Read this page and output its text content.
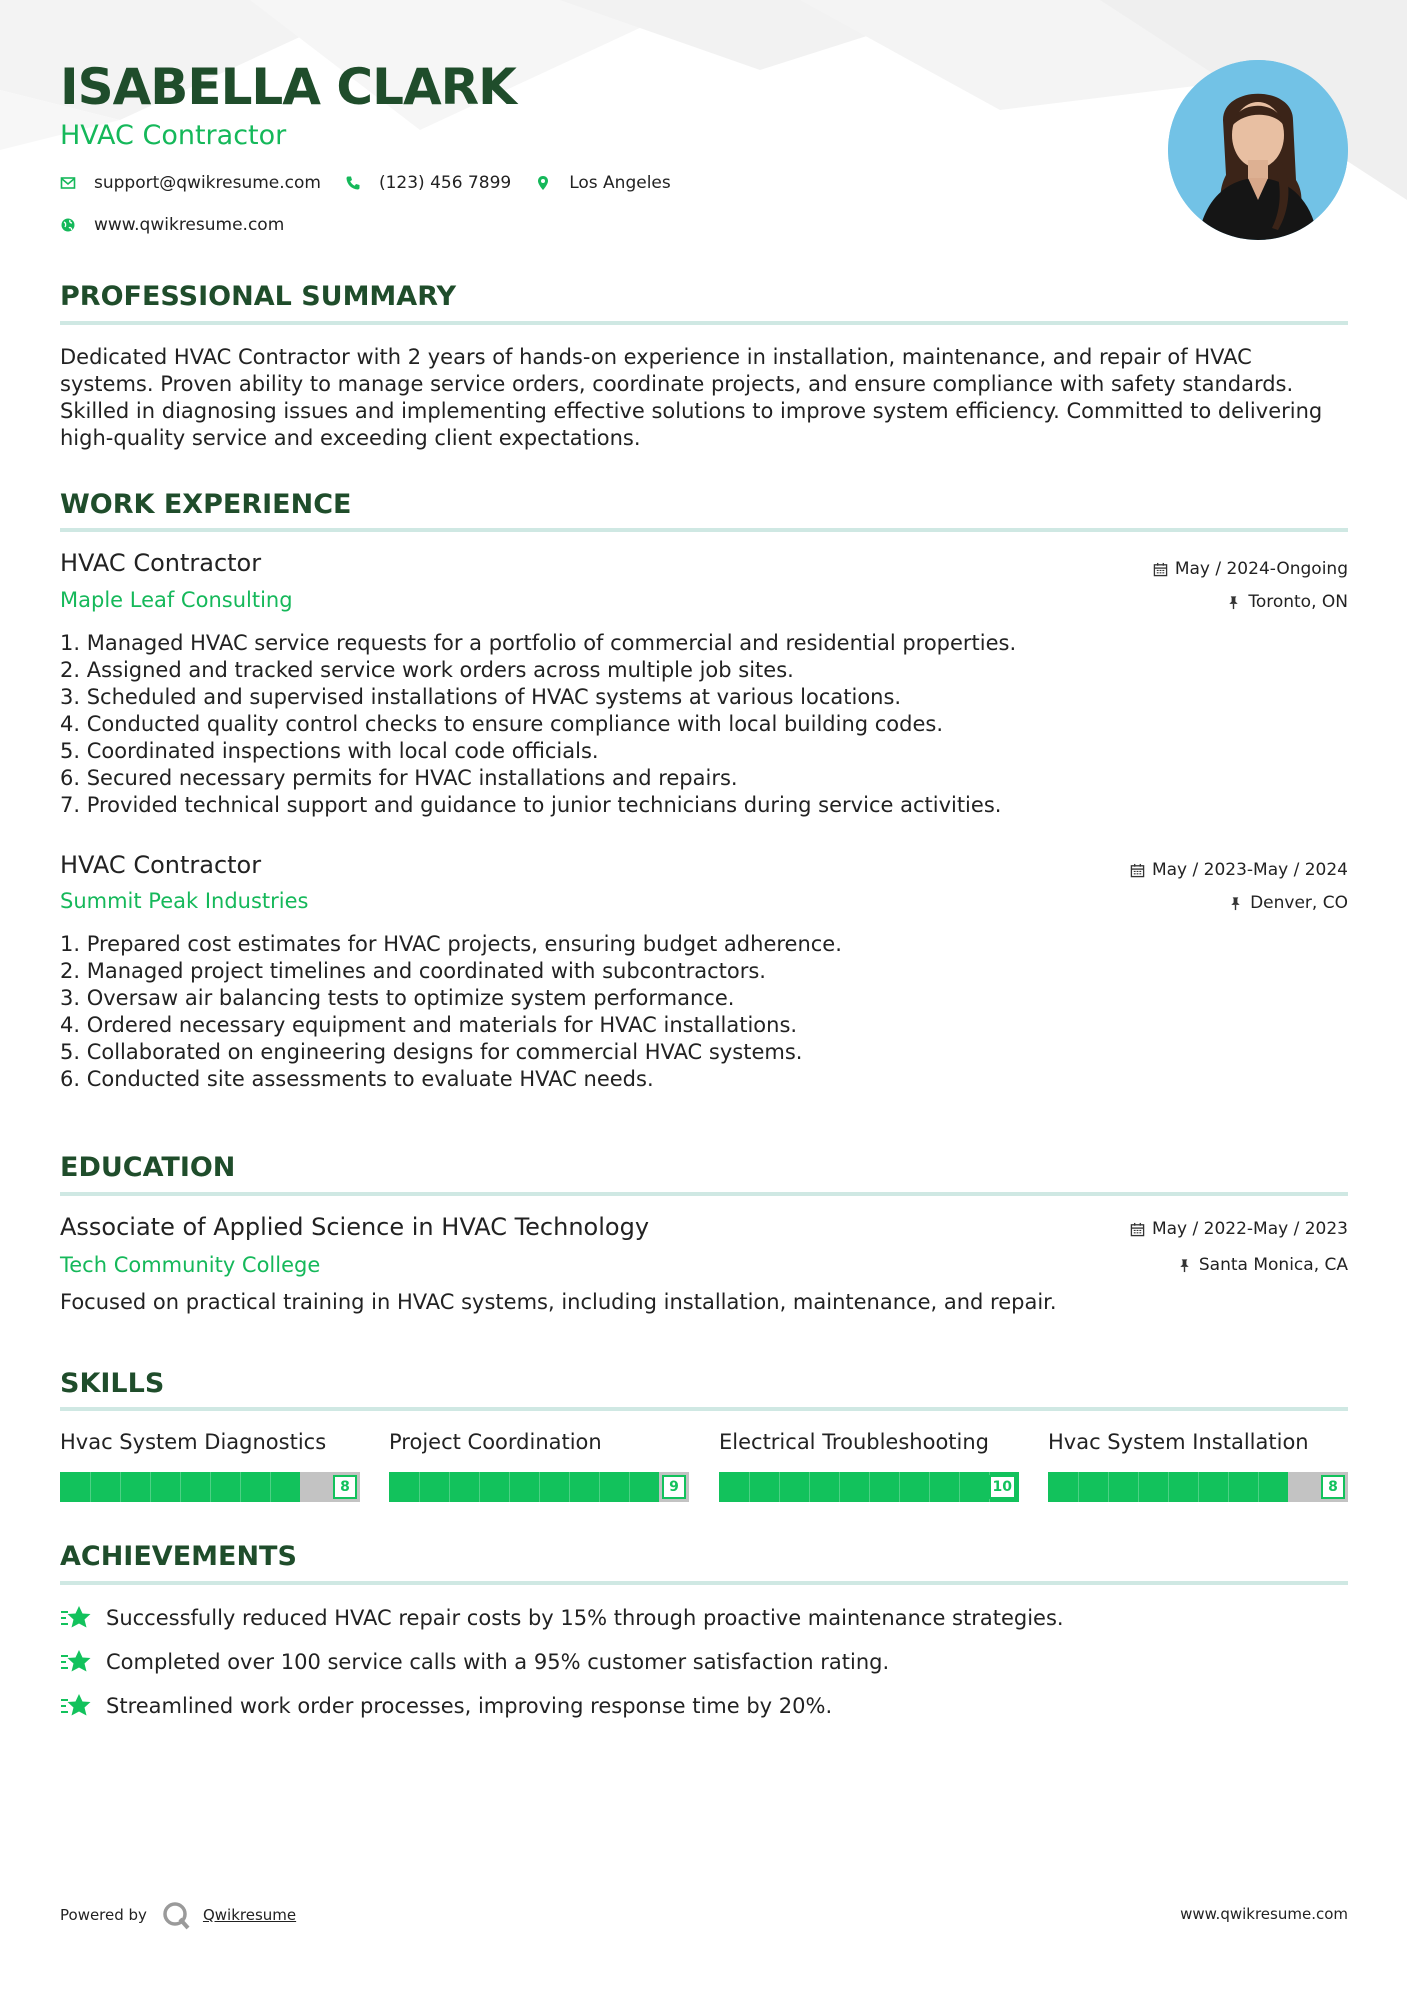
ISABELLA CLARK
HVAC Contractor
support@qwikresume.com	(123) 456 7899	Los Angeles
www.qwikresume.com
PROFESSIONAL SUMMARY
Dedicated HVAC Contractor with 2 years of hands-on experience in installation, maintenance, and repair of HVAC systems. Proven ability to manage service orders, coordinate projects, and ensure compliance with safety standards. Skilled in diagnosing issues and implementing effective solutions to improve system efficiency. Committed to delivering high-quality service and exceeding client expectations.
WORK EXPERIENCE
HVAC Contractor
Maple Leaf Consulting
May / 2024-Ongoing
Toronto, ON
1. Managed HVAC service requests for a portfolio of commercial and residential properties.
2. Assigned and tracked service work orders across multiple job sites.
3. Scheduled and supervised installations of HVAC systems at various locations.
4. Conducted quality control checks to ensure compliance with local building codes.
5. Coordinated inspections with local code officials.
6. Secured necessary permits for HVAC installations and repairs.
7. Provided technical support and guidance to junior technicians during service activities.
HVAC Contractor
Summit Peak Industries
May / 2023-May / 2024
Denver, CO
1. Prepared cost estimates for HVAC projects, ensuring budget adherence.
2. Managed project timelines and coordinated with subcontractors.
3. Oversaw air balancing tests to optimize system performance.
4. Ordered necessary equipment and materials for HVAC installations.
5. Collaborated on engineering designs for commercial HVAC systems.
6. Conducted site assessments to evaluate HVAC needs.
EDUCATION
Associate of Applied Science in HVAC Technology
Tech Community College
May / 2022-May / 2023
Santa Monica, CA
Focused on practical training in HVAC systems, including installation, maintenance, and repair.
SKILLS
Hvac System Diagnostics
8
Project Coordination
9
Electrical Troubleshooting
10
Hvac System Installation
8
ACHIEVEMENTS
Successfully reduced HVAC repair costs by 15% through proactive maintenance strategies.
Completed over 100 service calls with a 95% customer satisfaction rating.
Streamlined work order processes, improving response time by 20%.
Powered by	Qwikresume	www.qwikresume.com
